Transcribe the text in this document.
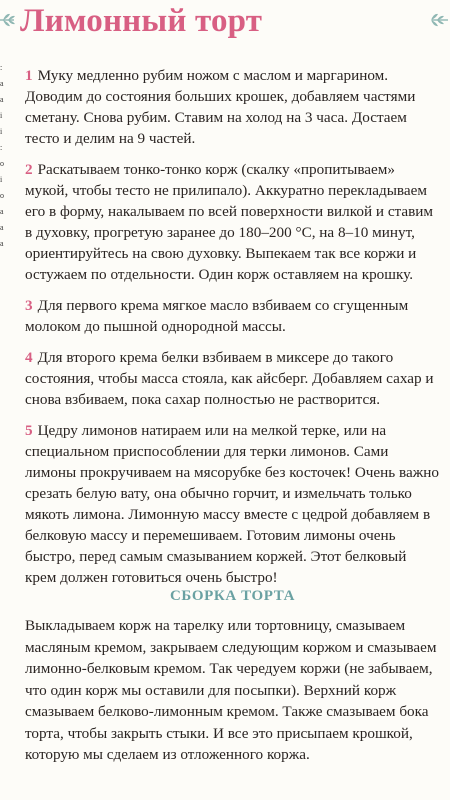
Лимонный торт
:
а
а
і
і
:
о
і
о
а
а
а

1 Муку медленно рубим ножом с маслом и маргарином. Доводим до состояния больших крошек, добавляем частями сметану. Снова рубим. Ставим на холод на 3 часа. Достаем тесто и делим на 9 частей.

2 Раскатываем тонко-тонко корж (скалку «пропитываем» мукой, чтобы тесто не прилипало). Аккуратно перекладываем его в форму, накалываем по всей поверхности вилкой и ставим в духовку, прогретую заранее до 180–200 °С, на 8–10 минут, ориентируйтесь на свою духовку. Выпекаем так все коржи и остужаем по отдельности. Один корж оставляем на крошку.

3 Для первого крема мягкое масло взбиваем со сгущенным молоком до пышной однородной массы.

4 Для второго крема белки взбиваем в миксере до такого состояния, чтобы масса стояла, как айсберг. Добавляем сахар и снова взбиваем, пока сахар полностью не растворится.

5 Цедру лимонов натираем или на мелкой терке, или на специальном приспособлении для терки лимонов. Сами лимоны прокручиваем на мясорубке без косточек! Очень важно срезать белую вату, она обычно горчит, и измельчать только мякоть лимона. Лимонную массу вместе с цедрой добавляем в белковую массу и перемешиваем. Готовим лимоны очень быстро, перед самым смазыванием коржей. Этот белковый крем должен готовиться очень быстро!

СБОРКА ТОРТА
Выкладываем корж на тарелку или тортовницу, смазываем масляным кремом, закрываем следующим коржом и смазываем лимонно-белковым кремом. Так чередуем коржи (не забываем, что один корж мы оставили для посыпки). Верхний корж смазываем белково-лимонным кремом. Также смазываем бока торта, чтобы закрыть стыки. И все это присыпаем крошкой, которую мы сделаем из отложенного коржа.
